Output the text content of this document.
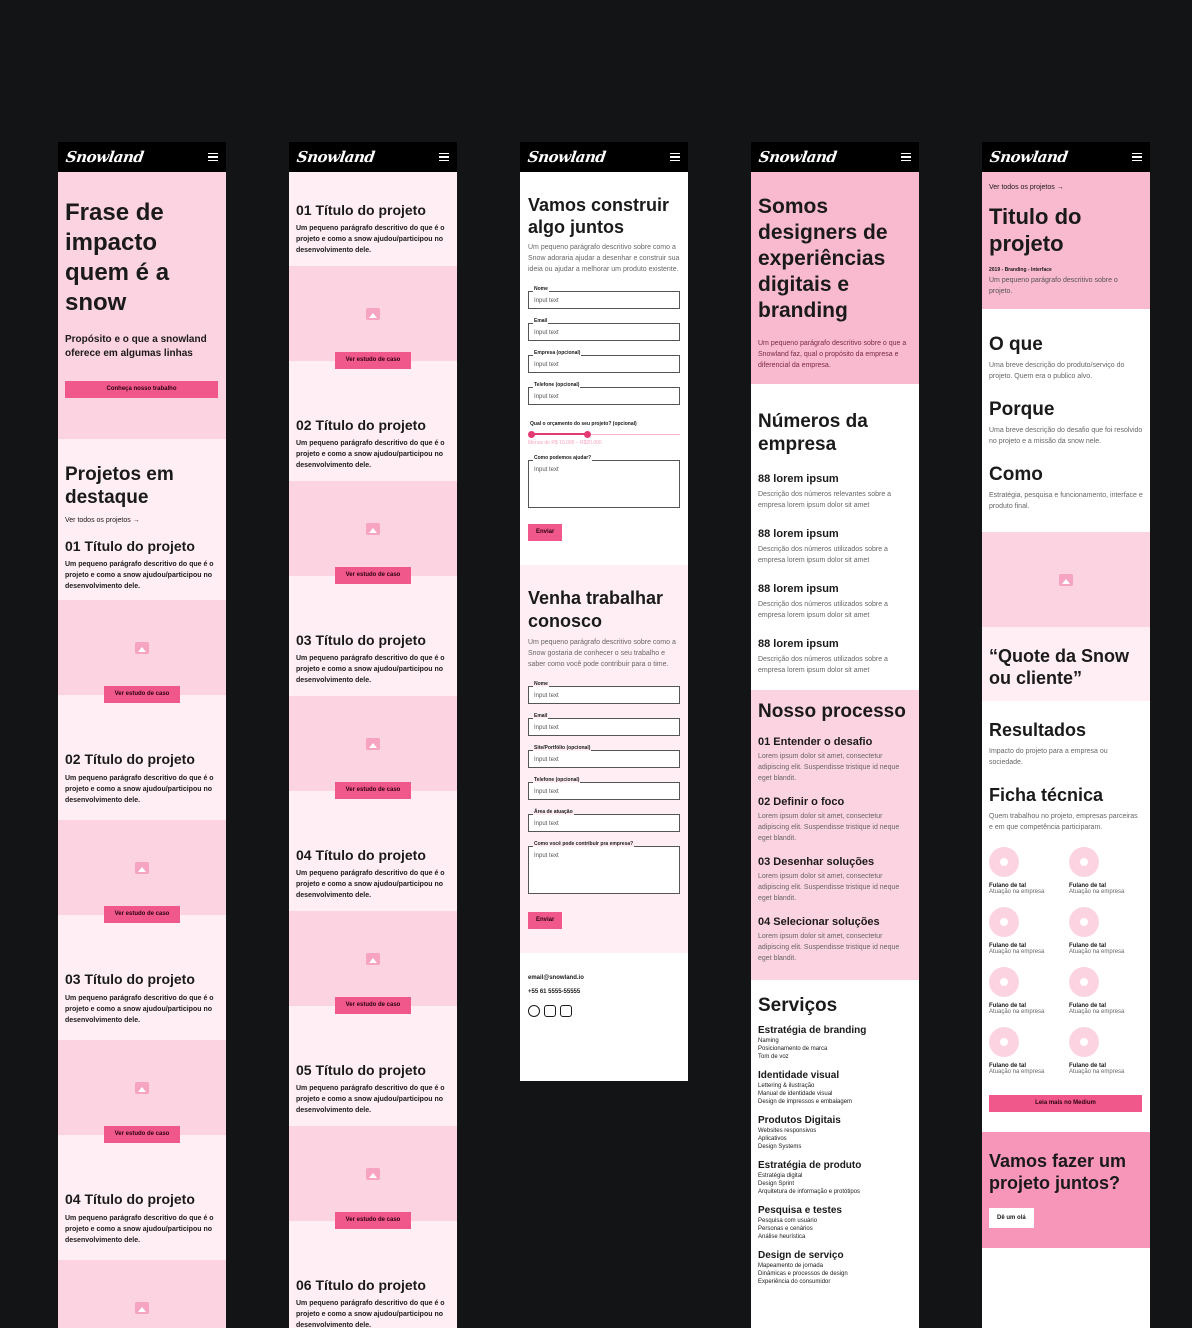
Snowland
Frase de impacto quem é a snow
Propósito e o que a snowland oferece em algumas linhas
Conheça nosso trabalho
Projetos em destaque
Ver todos os projetos →
01 Título do projeto
Um pequeno parágrafo descritivo do que é o projeto e como a snow ajudou/participou no desenvolvimento dele.
Ver estudo de caso
02 Título do projeto
Um pequeno parágrafo descritivo do que é o projeto e como a snow ajudou/participou no desenvolvimento dele.
Ver estudo de caso
03 Título do projeto
Um pequeno parágrafo descritivo do que é o projeto e como a snow ajudou/participou no desenvolvimento dele.
Ver estudo de caso
04 Título do projeto
Um pequeno parágrafo descritivo do que é o projeto e como a snow ajudou/participou no desenvolvimento dele.
Snowland
01 Título do projeto
Um pequeno parágrafo descritivo do que é o projeto e como a snow ajudou/participou no desenvolvimento dele.
Ver estudo de caso
02 Título do projeto
Um pequeno parágrafo descritivo do que é o projeto e como a snow ajudou/participou no desenvolvimento dele.
Ver estudo de caso
03 Título do projeto
Um pequeno parágrafo descritivo do que é o projeto e como a snow ajudou/participou no desenvolvimento dele.
Ver estudo de caso
04 Título do projeto
Um pequeno parágrafo descritivo do que é o projeto e como a snow ajudou/participou no desenvolvimento dele.
Ver estudo de caso
05 Título do projeto
Um pequeno parágrafo descritivo do que é o projeto e como a snow ajudou/participou no desenvolvimento dele.
Ver estudo de caso
06 Título do projeto
Um pequeno parágrafo descritivo do que é o projeto e como a snow ajudou/participou no desenvolvimento dele.
Snowland
Vamos construir algo juntos
Um pequeno parágrafo descritivo sobre como a Snow adoraria ajudar a desenhar e construir sua ideia ou ajudar a melhorar um produto existente.
Nome
Input text
Email
Input text
Empresa (opcional)
Input text
Telefone (opcional)
Input text
Qual o orçamento do seu projeto? (opcional)
Menos de R$ 10.000 – R$20.000
Como podemos ajudar?
Input text
Enviar
Venha trabalhar conosco
Um pequeno parágrafo descritivo sobre como a Snow gostaria de conhecer o seu trabalho e saber como você pode contribuir para o time.
Nome
Input text
Email
Input text
Site/Portfólio (opcional)
Input text
Telefone (opcional)
Input text
Área de atuação
Input text
Como você pode contribuir pra empresa?
Input text
Enviar
email@snowland.io
+55 61 5555-55555
Snowland
Somos designers de experiências digitais e branding
Um pequeno parágrafo descritivo sobre o que a Snowland faz, qual o propósito da empresa e diferencial da empresa.
Números da empresa
88 lorem ipsum
Descrição dos números relevantes sobre a empresa lorem ipsum dolor sit amet
88 lorem ipsum
Descrição dos números utilizados sobre a empresa lorem ipsum dolor sit amet
88 lorem ipsum
Descrição dos números utilizados sobre a empresa lorem ipsum dolor sit amet
88 lorem ipsum
Descrição dos números utilizados sobre a empresa lorem ipsum dolor sit amet
Nosso processo
01 Entender o desafio
Lorem ipsum dolor sit amet, consectetur adipiscing elit. Suspendisse tristique id neque eget blandit.
02 Definir o foco
Lorem ipsum dolor sit amet, consectetur adipiscing elit. Suspendisse tristique id neque eget blandit.
03 Desenhar soluções
Lorem ipsum dolor sit amet, consectetur adipiscing elit. Suspendisse tristique id neque eget blandit.
04 Selecionar soluções
Lorem ipsum dolor sit amet, consectetur adipiscing elit. Suspendisse tristique id neque eget blandit.
Serviços
Estratégia de branding
Naming
Posicionamento de marca
Tom de voz
Identidade visual
Lettering & ilustração
Manual de identidade visual
Design de impressos e embalagem
Produtos Digitais
Websites responsivos
Aplicativos
Design Systems
Estratégia de produto
Estratégia digital
Design Sprint
Arquitetura de informação e protótipos
Pesquisa e testes
Pesquisa com usuário
Personas e cenários
Análise heurística
Design de serviço
Mapeamento de jornada
Dinâmicas e processos de design
Experiência do consumidor
Snowland
Ver todos os projetos →
Titulo do projeto
2019 - Branding - Interface
Um pequeno parágrafo descritivo sobre o projeto.
O que
Uma breve descrição do produto/serviço do projeto. Quem era o publico alvo.
Porque
Uma breve descrição do desafio que foi resolvido no projeto e a missão da snow nele.
Como
Estratégia, pesquisa e funcionamento, interface e produto final.
“Quote da Snow ou cliente”
Resultados
Impacto do projeto para a empresa ou sociedade.
Ficha técnica
Quem trabalhou no projeto, empresas parceiras e em que competência participaram.
Fulano de tal
Atuação na empresa
Fulano de tal
Atuação na empresa
Fulano de tal
Atuação na empresa
Fulano de tal
Atuação na empresa
Fulano de tal
Atuação na empresa
Fulano de tal
Atuação na empresa
Fulano de tal
Atuação na empresa
Fulano de tal
Atuação na empresa
Leia mais no Medium
Vamos fazer um projeto juntos?
Dê um olá
